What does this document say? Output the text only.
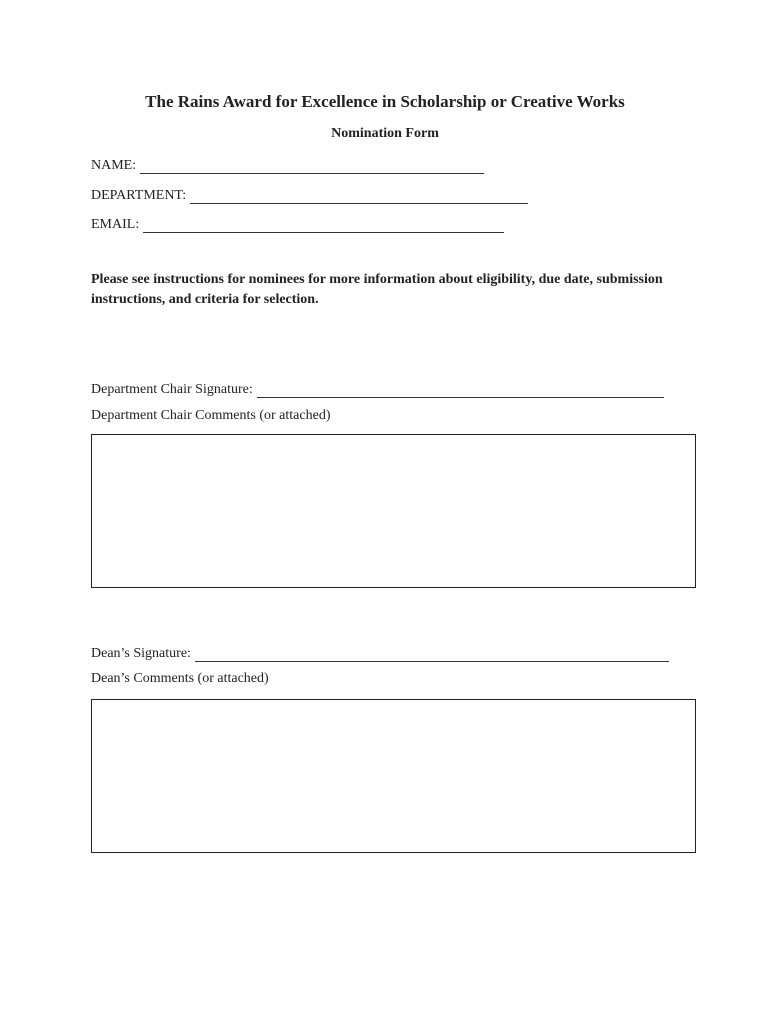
The Rains Award for Excellence in Scholarship or Creative Works
Nomination Form
NAME:
DEPARTMENT:
EMAIL:
Please see instructions for nominees for more information about eligibility, due date, submission instructions, and criteria for selection.
Department Chair Signature:
Department Chair Comments (or attached)
Dean’s Signature:
Dean’s Comments (or attached)
